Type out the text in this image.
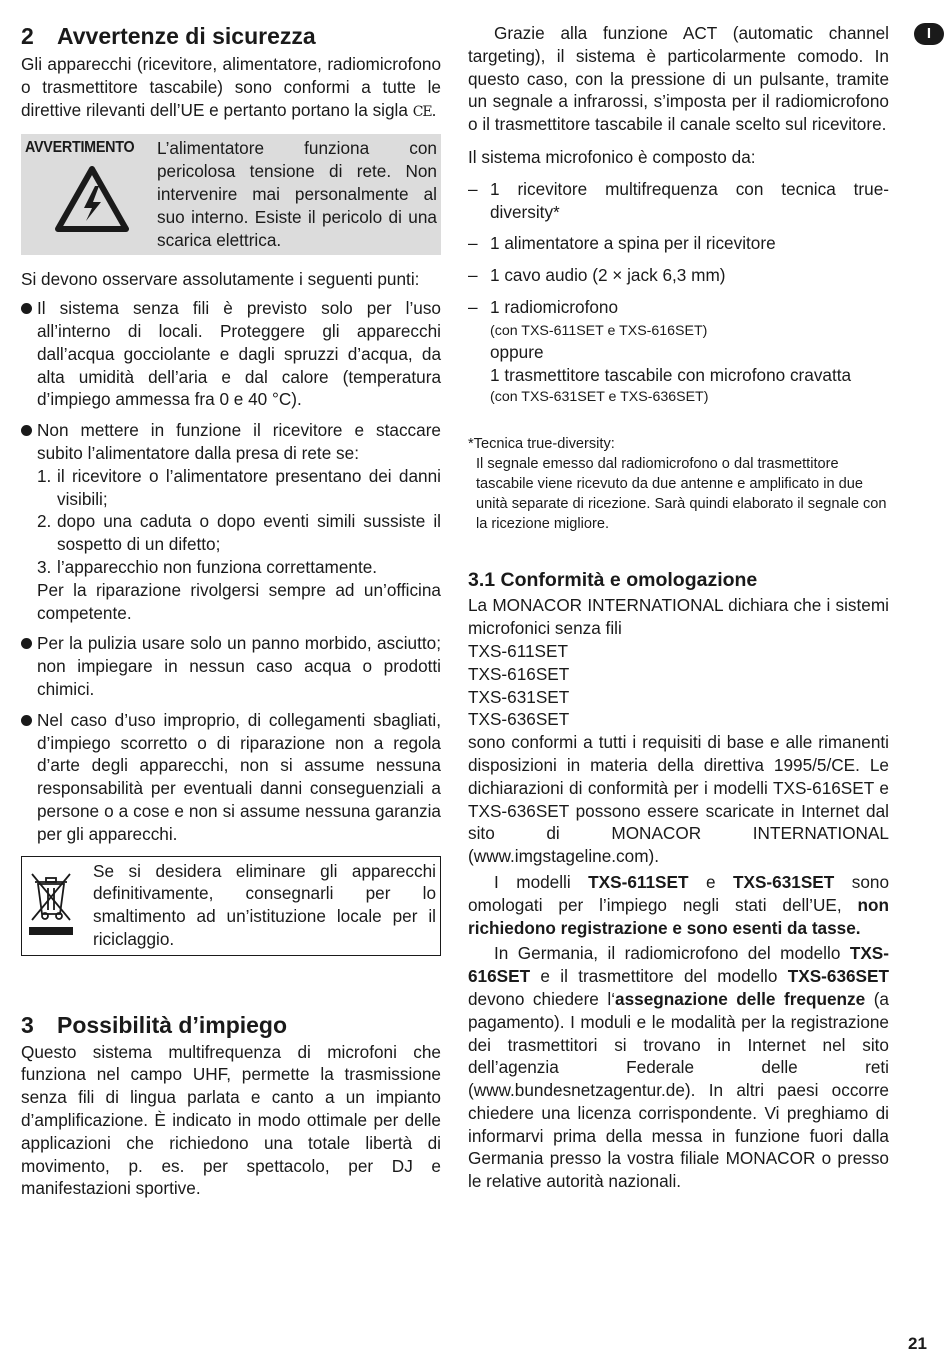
I
2 Avvertenze di sicurezza

Gli apparecchi (ricevitore, alimentatore, radiomicrofono o trasmettitore tascabile) sono conformi a tutte le direttive rilevanti dell’UE e pertanto portano la sigla CE.

AVVERTIMENTO L’alimentatore funziona con pericolosa tensione di rete. Non intervenire mai personalmente al suo interno. Esiste il pericolo di una scarica elettrica.

Si devono osservare assolutamente i seguenti punti:

Il sistema senza fili è previsto solo per l’uso all’interno di locali. Proteggere gli apparecchi dall’acqua gocciolante e dagli spruzzi d’acqua, da alta umidità dell’aria e dal calore (temperatura d’impiego ammessa fra 0 e 40 °C).

Non mettere in funzione il ricevitore e staccare subito l’alimentatore dalla presa di rete se:

1. il ricevitore o l’alimentatore presentano dei danni visibili;

2. dopo una caduta o dopo eventi simili sussiste il sospetto di un difetto;

3. l’apparecchio non funziona correttamente.

Per la riparazione rivolgersi sempre ad un’officina competente.

Per la pulizia usare solo un panno morbido, asciutto; non impiegare in nessun caso acqua o prodotti chimici.

Nel caso d’uso improprio, di collegamenti sbagliati, d’impiego scorretto o di riparazione non a regola d’arte degli apparecchi, non si assume nessuna responsabilità per eventuali danni conseguenziali a persone o a cose e non si assume nessuna garanzia per gli apparecchi.

Se si desidera eliminare gli apparecchi definitivamente, consegnarli per lo smaltimento ad un’istituzione locale per il riciclaggio.

3 Possibilità d’impiego

Questo sistema multifrequenza di microfoni che funziona nel campo UHF, permette la trasmissione senza fili di lingua parlata e canto a un impianto d’amplificazione. È indicato in modo ottimale per delle applicazioni che richiedono una totale libertà di movimento, p. es. per spettacolo, per DJ e manifestazioni sportive.

Grazie alla funzione ACT (automatic channel targeting), il sistema è particolarmente comodo. In questo caso, con la pressione di un pulsante, tramite un segnale a infrarossi, s’imposta per il radiomicrofono o il trasmettitore tascabile il canale scelto sul ricevitore.

Il sistema microfonico è composto da:

– 1 ricevitore multifrequenza con tecnica true-diversity*

– 1 alimentatore a spina per il ricevitore

– 1 cavo audio (2 × jack 6,3 mm)

– 1 radiomicrofono

(con TXS-611SET e TXS-616SET)

oppure

1 trasmettitore tascabile con microfono cravatta

(con TXS-631SET e TXS-636SET)

*Tecnica true-diversity:

Il segnale emesso dal radiomicrofono o dal trasmettitore tascabile viene ricevuto da due antenne e amplificato in due unità separate di ricezione. Sarà quindi elaborato il segnale con la ricezione migliore.

3.1 Conformità e omologazione

La MONACOR INTERNATIONAL dichiara che i sistemi microfonici senza fili

TXS-611SET

TXS-616SET

TXS-631SET

TXS-636SET

sono conformi a tutti i requisiti di base e alle rimanenti disposizioni in materia della direttiva 1995/5/CE. Le dichiarazioni di conformità per i modelli TXS-616SET e TXS-636SET possono essere scaricate in Internet dal sito di MONACOR INTERNATIONAL (www.imgstageline.com).

I modelli TXS-611SET e TXS-631SET sono omologati per l’impiego negli stati dell’UE, non richiedono registrazione e sono esenti da tasse.

In Germania, il radiomicrofono del modello TXS-616SET e il trasmettitore del modello TXS-636SET devono chiedere l‘assegnazione delle frequenze (a pagamento). I moduli e le modalità per la registrazione dei trasmettitori si trovano in Internet nel sito dell’agenzia Federale delle reti (www.bundesnetzagentur.de). In altri paesi occorre chiedere una licenza corrispondente. Vi preghiamo di informarvi prima della messa in funzione fuori dalla Germania presso la vostra filiale MONACOR o presso le relative autorità nazionali.

21
